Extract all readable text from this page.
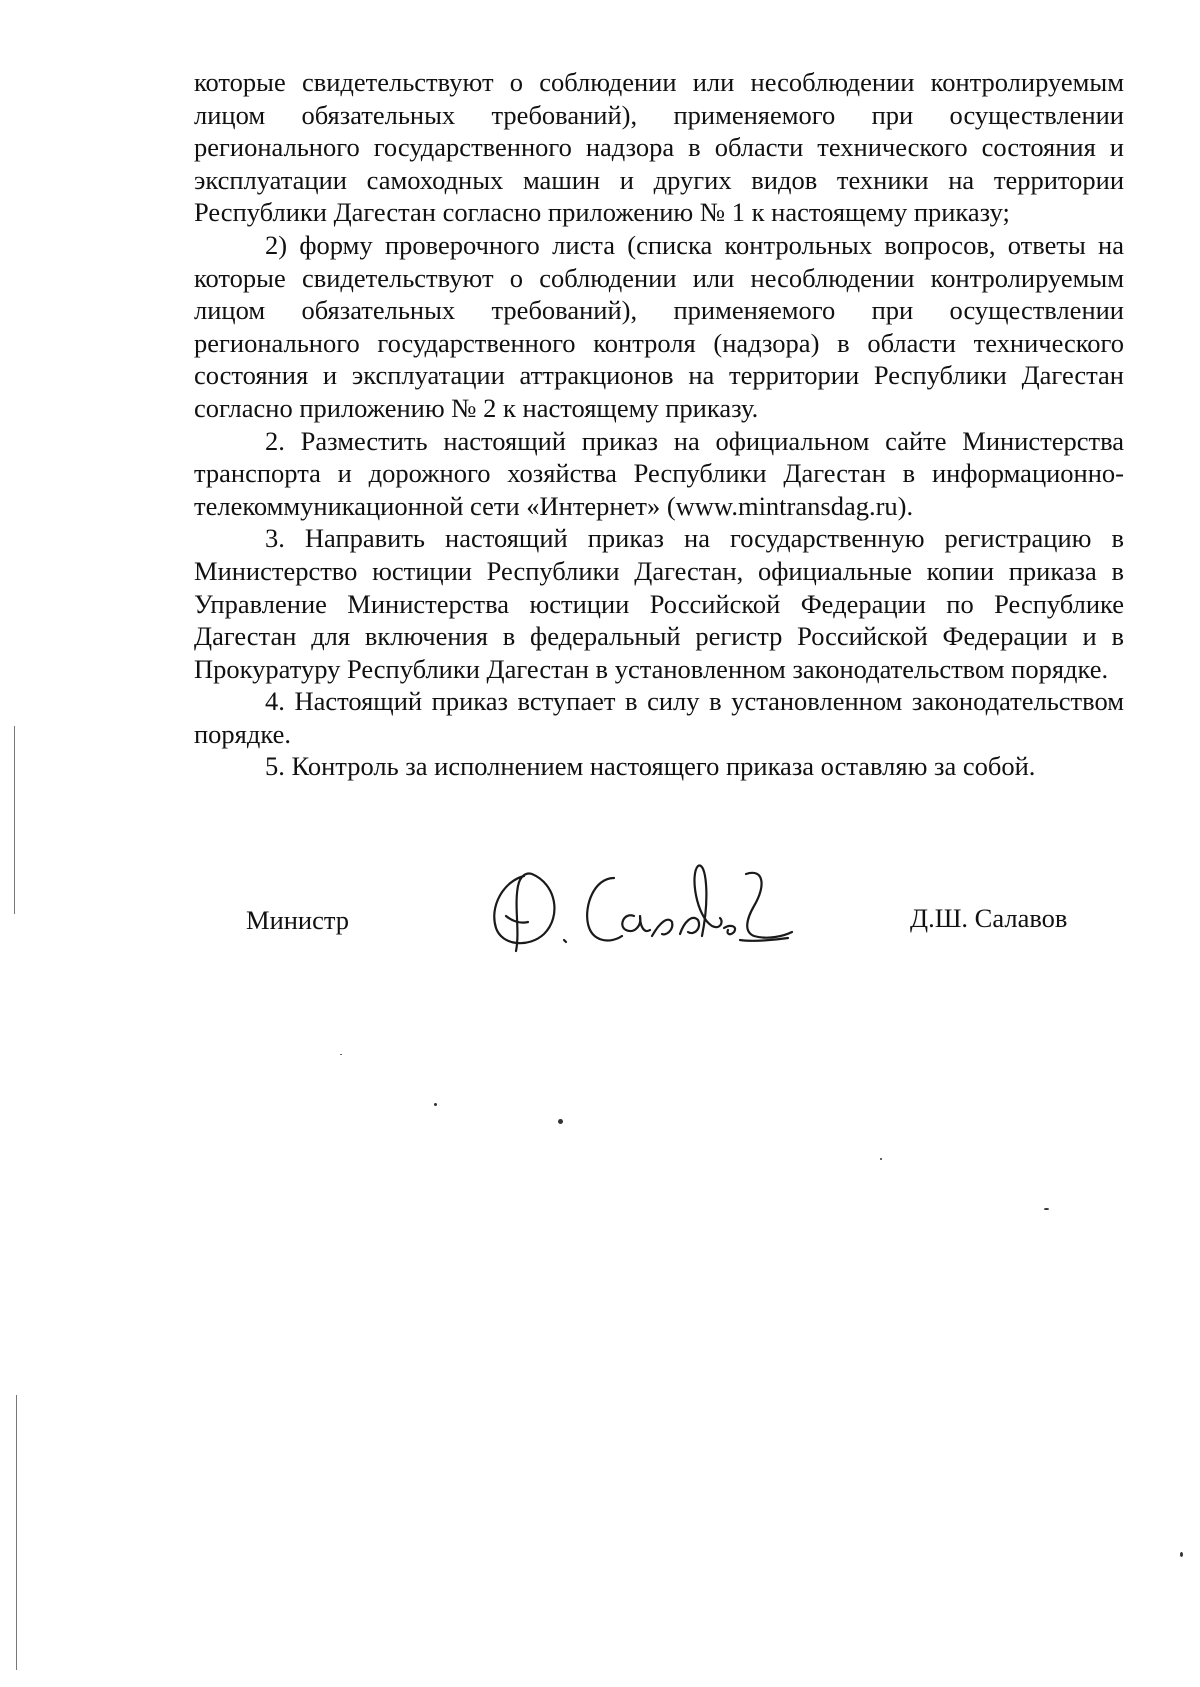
которые свидетельствуют о соблюдении или несоблюдении контролируемым лицом обязательных требований), применяемого при осуществлении регионального государственного надзора в области технического состояния и эксплуатации самоходных машин и других видов техники на территории Республики Дагестан согласно приложению № 1 к настоящему приказу;

2) форму проверочного листа (списка контрольных вопросов, ответы на которые свидетельствуют о соблюдении или несоблюдении контролируемым лицом обязательных требований), применяемого при осуществлении регионального государственного контроля (надзора) в области технического состояния и эксплуатации аттракционов на территории Республики Дагестан согласно приложению № 2 к настоящему приказу.

2. Разместить настоящий приказ на официальном сайте Министерства транспорта и дорожного хозяйства Республики Дагестан в информационно-телекоммуникационной сети «Интернет» (www.mintransdag.ru).

3. Направить настоящий приказ на государственную регистрацию в Министерство юстиции Республики Дагестан, официальные копии приказа в Управление Министерства юстиции Российской Федерации по Республике Дагестан для включения в федеральный регистр Российской Федерации и в Прокуратуру Республики Дагестан в установленном законодательством порядке.

4. Настоящий приказ вступает в силу в установленном законодательством порядке.

5. Контроль за исполнением настоящего приказа оставляю за собой.

Министр	Д.Ш. Салавов
